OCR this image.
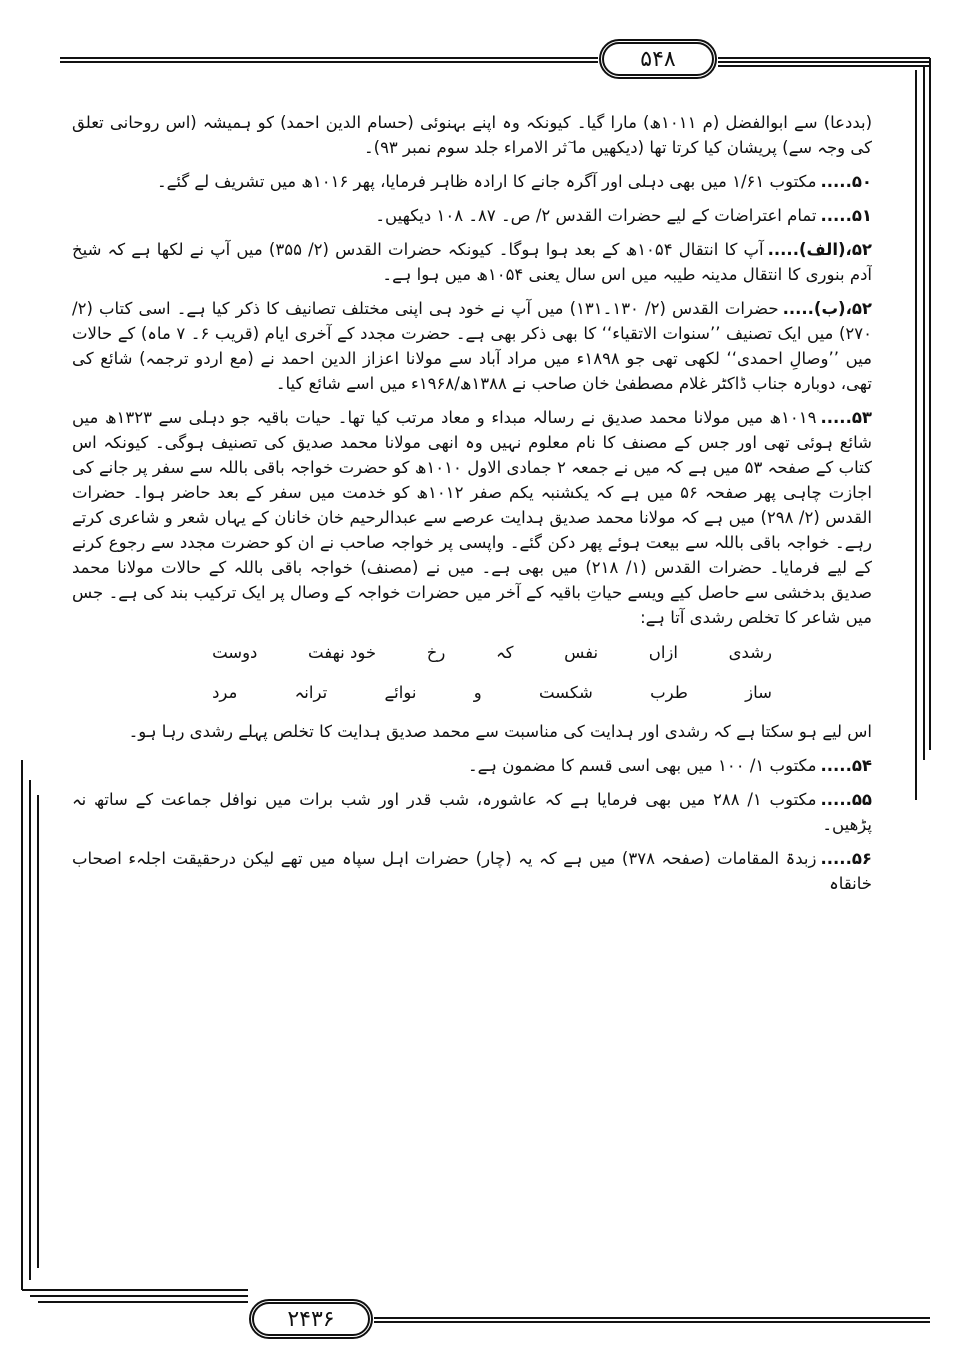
۵۴۸
۲۴۳۶

(بددعا) سے ابوالفضل (م ۱۰۱۱ھ) مارا گیا۔ کیونکہ وہ اپنے بہنوئی (حسام الدین احمد) کو ہمیشہ (اس روحانی تعلق کی وجہ سے) پریشان کیا کرتا تھا (دیکھیں ما ٓثر الامراء جلد سوم نمبر ۹۳)۔

۵۰.....مکتوب ۱/۶۱ میں بھی دہلی اور آگرہ جانے کا ارادہ ظاہر فرمایا، پھر ۱۰۱۶ھ میں تشریف لے گئے۔

۵۱.....تمام اعتراضات کے لیے حضرات القدس ۲/ ص۔ ۸۷۔ ۱۰۸ دیکھیں۔

۵۲،(الف).....آپ کا انتقال ۱۰۵۴ھ کے بعد ہوا ہوگا۔ کیونکہ حضرات القدس (۲/ ۳۵۵) میں آپ نے لکھا ہے کہ شیخ آدم بنوری کا انتقال مدینہ طیبہ میں اس سال یعنی ۱۰۵۴ھ میں ہوا ہے۔

۵۲،(ب).....حضرات القدس (۲/ ۱۳۰۔۱۳۱) میں آپ نے خود ہی اپنی مختلف تصانیف کا ذکر کیا ہے۔ اسی کتاب (۲/ ۲۷۰) میں ایک تصنیف ’’سنوات الاتقیاء‘‘ کا بھی ذکر بھی ہے۔ حضرت مجدد کے آخری ایام (قریب ۶۔ ۷ ماہ) کے حالات میں ’’وصالِ احمدی‘‘ لکھی تھی جو ۱۸۹۸ء میں مراد آباد سے مولانا اعزاز الدین احمد نے (مع اردو ترجمہ) شائع کی تھی، دوبارہ جناب ڈاکٹر غلام مصطفیٰ خان صاحب نے ۱۳۸۸ھ/۱۹۶۸ء میں اسے شائع کیا۔

۵۳.....۱۰۱۹ھ میں مولانا محمد صدیق نے رسالہ مبداء و معاد مرتب کیا تھا۔ حیات باقیہ جو دہلی سے ۱۳۲۳ھ میں شائع ہوئی تھی اور جس کے مصنف کا نام معلوم نہیں وہ انھی مولانا محمد صدیق کی تصنیف ہوگی۔ کیونکہ اس کتاب کے صفحہ ۵۳ میں ہے کہ میں نے جمعہ ۲ جمادی الاول ۱۰۱۰ھ کو حضرت خواجہ باقی باللہ سے سفر پر جانے کی اجازت چاہی پھر صفحہ ۵۶ میں ہے کہ یکشنبہ یکم صفر ۱۰۱۲ھ کو خدمت میں سفر کے بعد حاضر ہوا۔ حضرات القدس (۲/ ۲۹۸) میں ہے کہ مولانا محمد صدیق ہدایت عرصے سے عبدالرحیم خان خانان کے یہاں شعر و شاعری کرتے رہے۔ خواجہ باقی باللہ سے بیعت ہوئے پھر دکن گئے۔ واپسی پر خواجہ صاحب نے ان کو حضرت مجدد سے رجوع کرنے کے لیے فرمایا۔ حضرات القدس (۱/ ۲۱۸) میں بھی ہے۔ میں نے (مصنف) خواجہ باقی باللہ کے حالات مولانا محمد صدیق بدخشی سے حاصل کیے ویسے حیاتِ باقیہ کے آخر میں حضرات خواجہ کے وصال پر ایک ترکیب بند کی ہے۔ جس میں شاعر کا تخلص رشدی آتا ہے:

رشدی
ازاں
نفس
کہ
رخ
خود نهفت
دوست
ساز
طرب
شکست
و
نوائے
ترانہ
مرد

اس لیے ہو سکتا ہے کہ رشدی اور ہدایت کی مناسبت سے محمد صدیق ہدایت کا تخلص پہلے رشدی رہا ہو۔

۵۴.....مکتوب ۱/ ۱۰۰ میں بھی اسی قسم کا مضمون ہے۔

۵۵.....مکتوب ۱/ ۲۸۸ میں بھی فرمایا ہے کہ عاشورہ، شب قدر اور شب برات میں نوافل جماعت کے ساتھ نہ پڑھیں۔

۵۶.....زبدۃ المقامات (صفحہ ۳۷۸) میں ہے کہ یہ (چار) حضرات اہل سپاہ میں تھے لیکن درحقیقت اجلہء اصحاب خانقاہ
